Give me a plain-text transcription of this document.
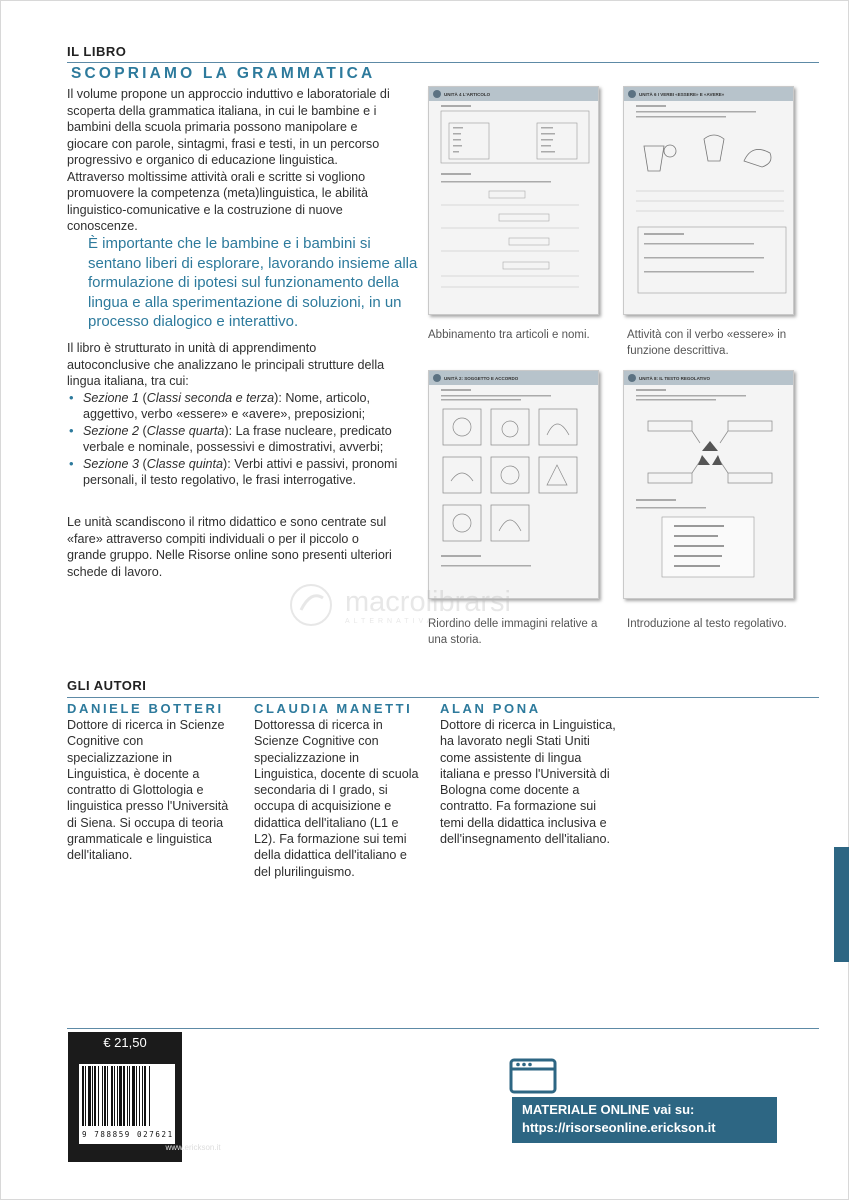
IL LIBRO
SCOPRIAMO LA GRAMMATICA

Il volume propone un approccio induttivo e laboratoriale di scoperta della grammatica italiana, in cui le bambine e i bambini della scuola primaria possono manipolare e giocare con parole, sintagmi, frasi e testi, in un percorso progressivo e organico di educazione linguistica. Attraverso moltissime attività orali e scritte si vogliono promuovere la competenza (meta)linguistica, le abilità linguistico-comunicative e la costruzione di nuove conoscenze.

È importante che le bambine e i bambini si sentano liberi di esplorare, lavorando insieme alla formulazione di ipotesi sul funzionamento della lingua e alla sperimentazione di soluzioni, in un processo dialogico e interattivo.

Il libro è strutturato in unità di apprendimento autoconclusive che analizzano le principali strutture della lingua italiana, tra cui:

• Sezione 1 (Classi seconda e terza): Nome, articolo, aggettivo, verbo «essere» e «avere», preposizioni;
• Sezione 2 (Classe quarta): La frase nucleare, predicato verbale e nominale, possessivi e dimostrativi, avverbi;
• Sezione 3 (Classe quinta): Verbi attivi e passivi, pronomi personali, il testo regolativo, le frasi interrogative.

Le unità scandiscono il ritmo didattico e sono centrate sul «fare» attraverso compiti individuali o per il piccolo o grande gruppo. Nelle Risorse online sono presenti ulteriori schede di lavoro.

UNITÀ 4 L'ARTICOLO
Abbinamento tra articoli e nomi.
UNITÀ 6 I VERBI «ESSERE» E «AVERE»
Attività con il verbo «essere» in funzione descrittiva.
UNITÀ 2: SOGGETTO E ACCORDO
Riordino delle immagini relative a una storia.
UNITÀ 8: IL TESTO REGOLATIVO
Introduzione al testo regolativo.
macrolibrarsi
ALTERNATIVA
GLI AUTORI
DANIELE BOTTERI

Dottore di ricerca in Scienze Cognitive con specializzazione in Linguistica, è docente a contratto di Glottologia e linguistica presso l'Università di Siena. Si occupa di teoria grammaticale e linguistica dell'italiano.

CLAUDIA MANETTI

Dottoressa di ricerca in Scienze Cognitive con specializzazione in Linguistica, docente di scuola secondaria di I grado, si occupa di acquisizione e didattica dell'italiano (L1 e L2). Fa formazione sui temi della didattica dell'italiano e del plurilinguismo.

ALAN PONA

Dottore di ricerca in Linguistica, ha lavorato negli Stati Uniti come assistente di lingua italiana e presso l'Università di Bologna come docente a contratto. Fa formazione sui temi della didattica inclusiva e dell'insegnamento dell'italiano.

€ 21,50
9 788859 027621
www.erickson.it
MATERIALE ONLINE vai su:
https://risorseonline.erickson.it
